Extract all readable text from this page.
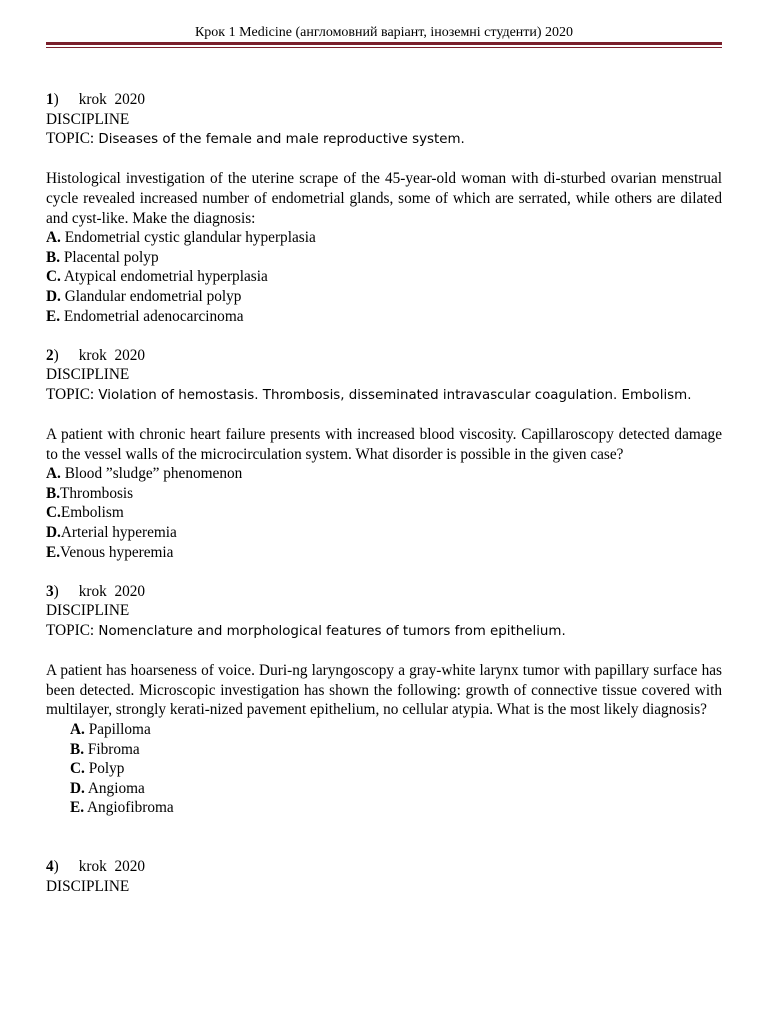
Крок 1 Medicine (англомовний варіант, іноземні студенти) 2020
1) krok  2020
DISCIPLINE
TOPIC: Diseases of the female and male reproductive system.
Histological investigation of the uterine scrape of the 45-year-old woman with di-sturbed ovarian menstrual cycle revealed increased number of endometrial glands, some of which are serrated, while others are dilated and cyst-like. Make the diagnosis:
A. Endometrial cystic glandular hyperplasia
B. Placental polyp
C. Atypical endometrial hyperplasia
D. Glandular endometrial polyp
E. Endometrial adenocarcinoma
2) krok  2020
DISCIPLINE
TOPIC: Violation of hemostasis. Thrombosis, disseminated intravascular coagulation. Embolism.
A patient with chronic heart failure presents with increased blood viscosity. Capillaroscopy detected damage to the vessel walls of the microcirculation system. What disorder is possible in the given case?
A. Blood ”sludge” phenomenon
B.Thrombosis
C.Embolism
D.Arterial hyperemia
E.Venous hyperemia
3) krok  2020
DISCIPLINE
TOPIC: Nomenclature and morphological features of tumors from epithelium.
A patient has hoarseness of voice. Duri-ng laryngoscopy a gray-white larynx tumor with papillary surface has been detected. Microscopic investigation has shown the following: growth of connective tissue covered with multilayer, strongly kerati-nized pavement epithelium, no cellular atypia. What is the most likely diagnosis?
A. Papilloma
B. Fibroma
C. Polyp
D. Angioma
E. Angiofibroma
4) krok  2020
DISCIPLINE
